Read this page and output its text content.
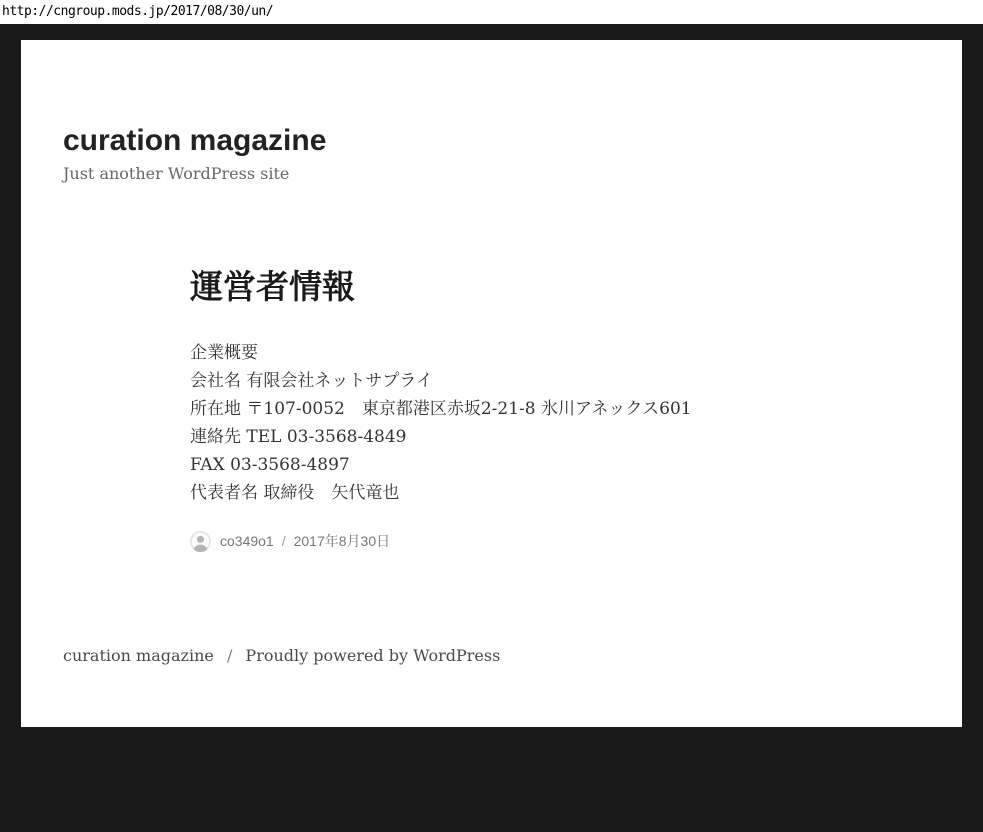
http://cngroup.mods.jp/2017/08/30/un/
curation magazine

Just another WordPress site

運営者情報

企業概要

会社名 有限会社ネットサプライ

所在地 〒107-0052　東京都港区赤坂2-21-8 氷川アネックス601

連絡先 TEL 03-3568-4849

FAX 03-3568-4897

代表者名 取締役　矢代竜也

co349o1 / 2017年8月30日
curation magazine / Proudly powered by WordPress
